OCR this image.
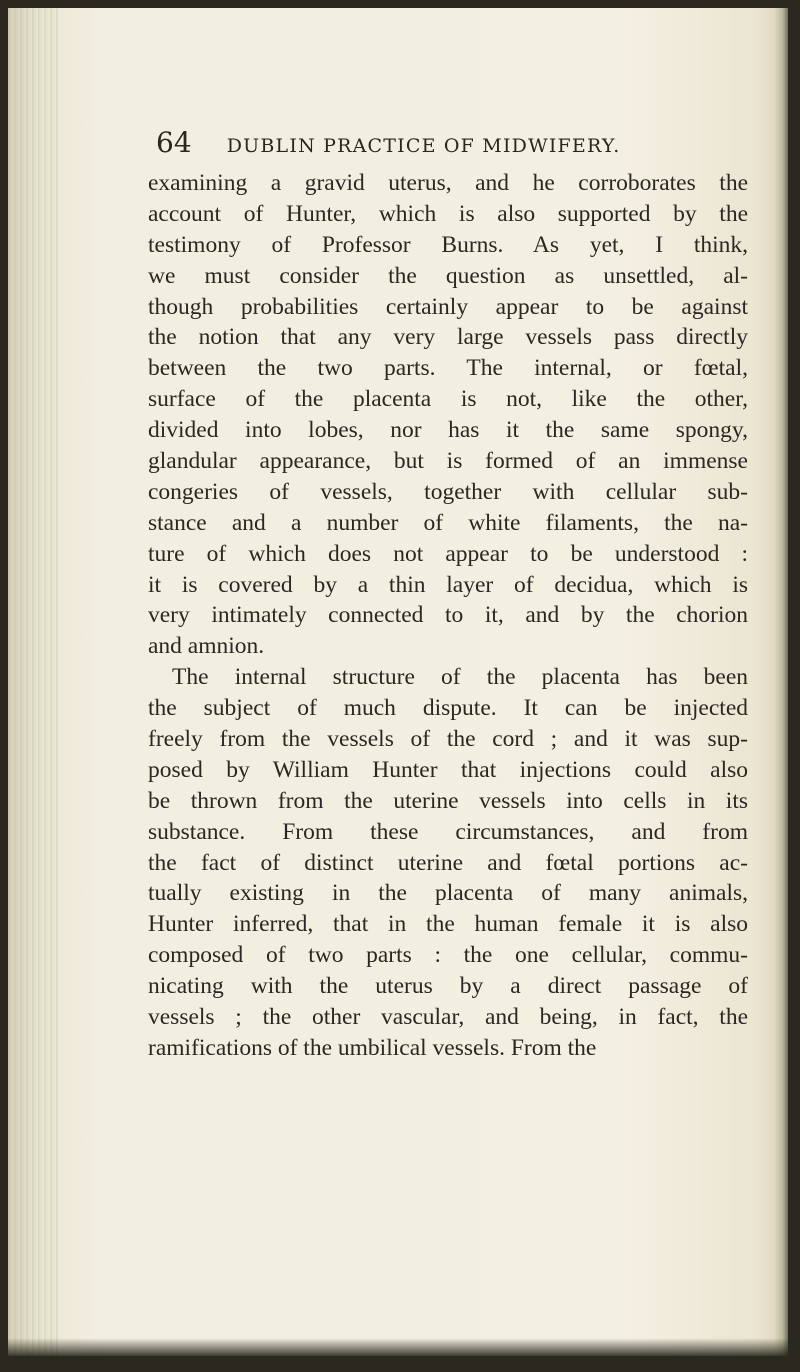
64 DUBLIN PRACTICE OF MIDWIFERY.
examining a gravid uterus, and he corroborates the
account of Hunter, which is also supported by the
testimony of Professor Burns. As yet, I think,
we must consider the question as unsettled, al-
though probabilities certainly appear to be against
the notion that any very large vessels pass directly
between the two parts. The internal, or fœtal,
surface of the placenta is not, like the other,
divided into lobes, nor has it the same spongy,
glandular appearance, but is formed of an immense
congeries of vessels, together with cellular sub-
stance and a number of white filaments, the na-
ture of which does not appear to be understood :
it is covered by a thin layer of decidua, which is
very intimately connected to it, and by the chorion
and amnion.
The internal structure of the placenta has been
the subject of much dispute. It can be injected
freely from the vessels of the cord ; and it was sup-
posed by William Hunter that injections could also
be thrown from the uterine vessels into cells in its
substance. From these circumstances, and from
the fact of distinct uterine and fœtal portions ac-
tually existing in the placenta of many animals,
Hunter inferred, that in the human female it is also
composed of two parts : the one cellular, commu-
nicating with the uterus by a direct passage of
vessels ; the other vascular, and being, in fact, the
ramifications of the umbilical vessels. From the
